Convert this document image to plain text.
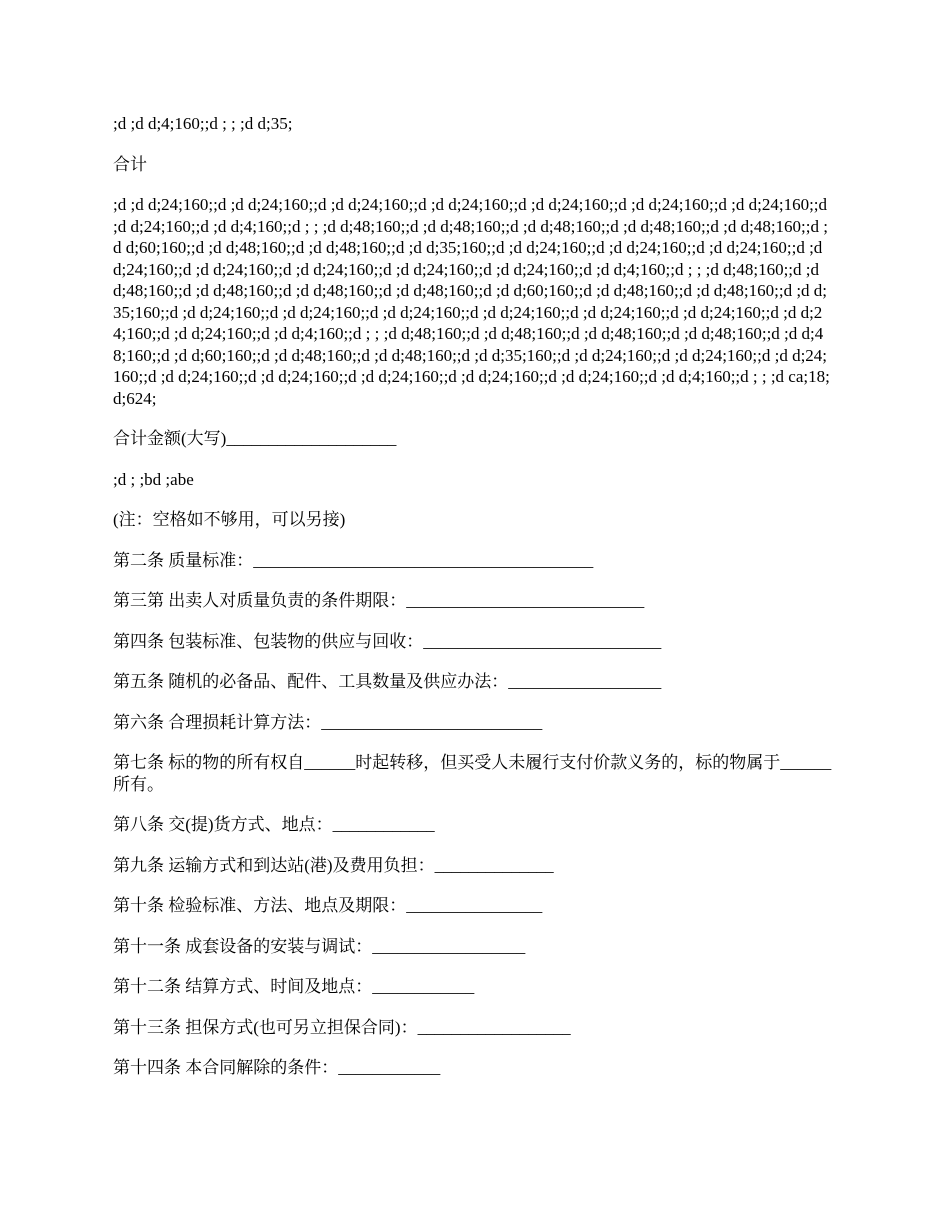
;d ;d d;4;160;;d ; ; ;d d;35;

合计

;d ;d d;24;160;;d ;d d;24;160;;d ;d d;24;160;;d ;d d;24;160;;d ;d d;24;160;;d ;d d;24;160;;d ;d d;24;160;;d ;d d;24;160;;d ;d d;4;160;;d ; ; ;d d;48;160;;d ;d d;48;160;;d ;d d;48;160;;d ;d d;48;160;;d ;d d;48;160;;d ;d d;60;160;;d ;d d;48;160;;d ;d d;48;160;;d ;d d;35;160;;d ;d d;24;160;;d ;d d;24;160;;d ;d d;24;160;;d ;d d;24;160;;d ;d d;24;160;;d ;d d;24;160;;d ;d d;24;160;;d ;d d;24;160;;d ;d d;4;160;;d ; ; ;d d;48;160;;d ;d d;48;160;;d ;d d;48;160;;d ;d d;48;160;;d ;d d;48;160;;d ;d d;60;160;;d ;d d;48;160;;d ;d d;48;160;;d ;d d;35;160;;d ;d d;24;160;;d ;d d;24;160;;d ;d d;24;160;;d ;d d;24;160;;d ;d d;24;160;;d ;d d;24;160;;d ;d d;24;160;;d ;d d;24;160;;d ;d d;4;160;;d ; ; ;d d;48;160;;d ;d d;48;160;;d ;d d;48;160;;d ;d d;48;160;;d ;d d;48;160;;d ;d d;60;160;;d ;d d;48;160;;d ;d d;48;160;;d ;d d;35;160;;d ;d d;24;160;;d ;d d;24;160;;d ;d d;24;160;;d ;d d;24;160;;d ;d d;24;160;;d ;d d;24;160;;d ;d d;24;160;;d ;d d;24;160;;d ;d d;4;160;;d ; ; ;d ca;18; d;624;

合计金额(大写)____________________

;d ; ;bd ;abe

(注：空格如不够用，可以另接)

第二条 质量标准：________________________________________

第三第 出卖人对质量负责的条件期限：____________________________

第四条 包装标准、包装物的供应与回收：____________________________

第五条 随机的必备品、配件、工具数量及供应办法：__________________

第六条 合理损耗计算方法：__________________________

第七条 标的物的所有权自______时起转移，但买受人未履行支付价款义务的，标的物属于______所有。

第八条 交(提)货方式、地点：____________

第九条 运输方式和到达站(港)及费用负担：______________

第十条 检验标准、方法、地点及期限：________________

第十一条 成套设备的安装与调试：__________________

第十二条 结算方式、时间及地点：____________

第十三条 担保方式(也可另立担保合同)：__________________

第十四条 本合同解除的条件：____________
